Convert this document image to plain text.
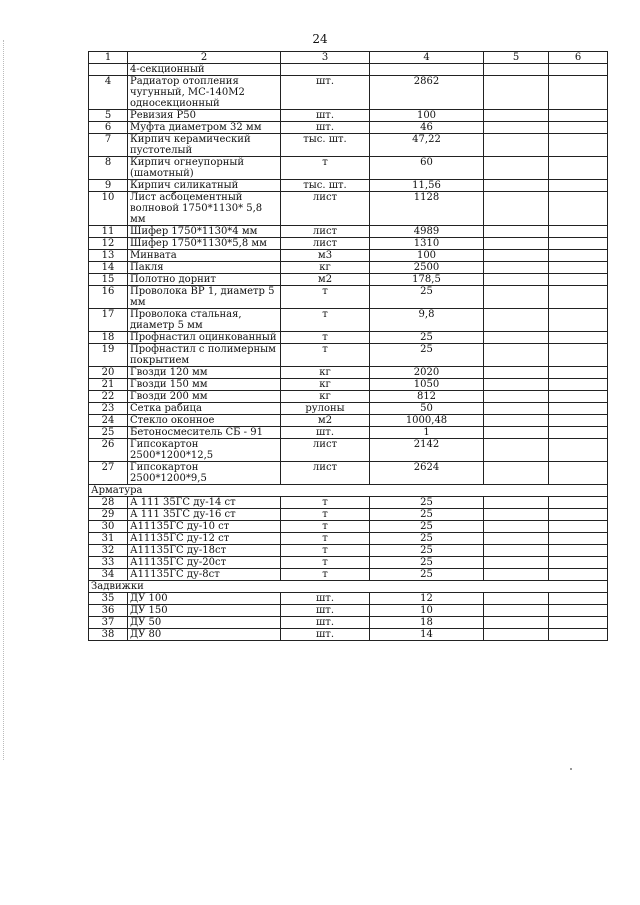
24
1	2	3	4	5	6
	4-секционный				
4	Радиатор отопления чугунный, МС-140М2 односекционный	шт.	2862		
5	Ревизия Р50	шт.	100		
6	Муфта диаметром 32 мм	шт.	46		
7	Кирпич керамический пустотелый	тыс. шт.	47,22		
8	Кирпич огнеупорный (шамотный)	т	60		
9	Кирпич силикатный	тыс. шт.	11,56		
10	Лист асбоцементный волновой 1750*1130* 5,8 мм	лист	1128		
11	Шифер 1750*1130*4 мм	лист	4989		
12	Шифер 1750*1130*5,8 мм	лист	1310		
13	Минвата	м3	100		
14	Пакля	кг	2500		
15	Полотно дорнит	м2	178,5		
16	Проволока ВР 1, диаметр 5 мм	т	25		
17	Проволока стальная, диаметр 5 мм	т	9,8		
18	Профнастил оцинкованный	т	25		
19	Профнастил с полимерным покрытием	т	25		
20	Гвозди 120 мм	кг	2020		
21	Гвозди 150 мм	кг	1050		
22	Гвозди 200 мм	кг	812		
23	Сетка рабица	рулоны	50		
24	Стекло оконное	м2	1000,48		
25	Бетоносмеситель СБ - 91	шт.	1		
26	Гипсокартон 2500*1200*12,5	лист	2142		
27	Гипсокартон 2500*1200*9,5	лист	2624		
Арматура					
28	А 111 35ГС ду-14 ст	т	25		
29	А 111 35ГС ду-16 ст	т	25		
30	А11135ГС ду-10 ст	т	25		
31	А11135ГС ду-12 ст	т	25		
32	А11135ГС ду-18ст	т	25		
33	А11135ГС ду-20ст	т	25		
34	А11135ГС ду-8ст	т	25		
Задвижки					
35	ДУ 100	шт.	12		
36	ДУ 150	шт.	10		
37	ДУ 50	шт.	18		
38	ДУ 80	шт.	14		
